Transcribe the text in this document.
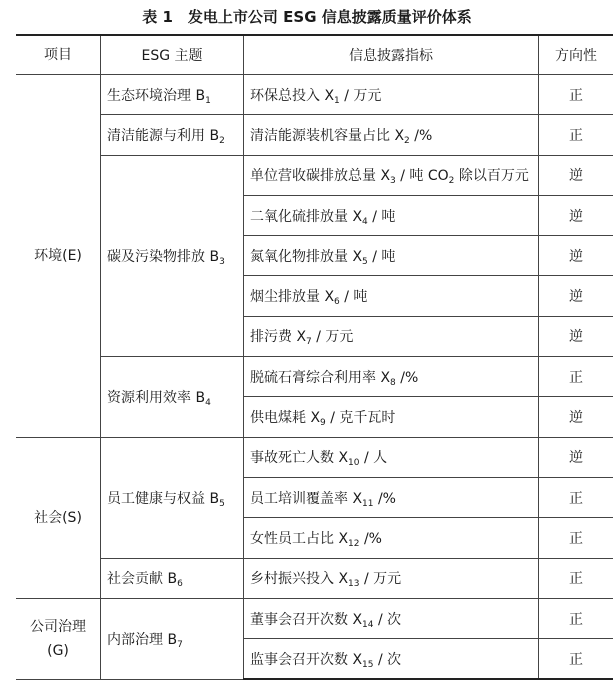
表 1　发电上市公司 ESG 信息披露质量评价体系
项目	ESG 主题	信息披露指标	方向性
环境(E)	生态环境治理 $B_1$	环保总投入 $X_1$ / 万元	正
	清洁能源与利用 $B_2$	清洁能源装机容量占比 $X_2$ /%	正
	碳及污染物排放 $B_3$	单位营收碳排放总量 $X_3$ / 吨 $CO_2$ 除以百万元	逆
		二氧化硫排放量 $X_4$ / 吨	逆
		氮氧化物排放量 $X_5$ / 吨	逆
		烟尘排放量 $X_6$ / 吨	逆
		排污费 $X_7$ / 万元	逆
	资源利用效率 $B_4$	脱硫石膏综合利用率 $X_8$ /%	正
		供电煤耗 $X_9$ / 克千瓦时	逆
社会(S)	员工健康与权益 $B_5$	事故死亡人数 $X_{10}$ / 人	逆
		员工培训覆盖率 $X_{11}$ /%	正
		女性员工占比 $X_{12}$ /%	正
	社会贡献 $B_6$	乡村振兴投入 $X_{13}$ / 万元	正
公司治理(G)	内部治理 $B_7$	董事会召开次数 $X_{14}$ / 次	正
		监事会召开次数 $X_{15}$ / 次	正
